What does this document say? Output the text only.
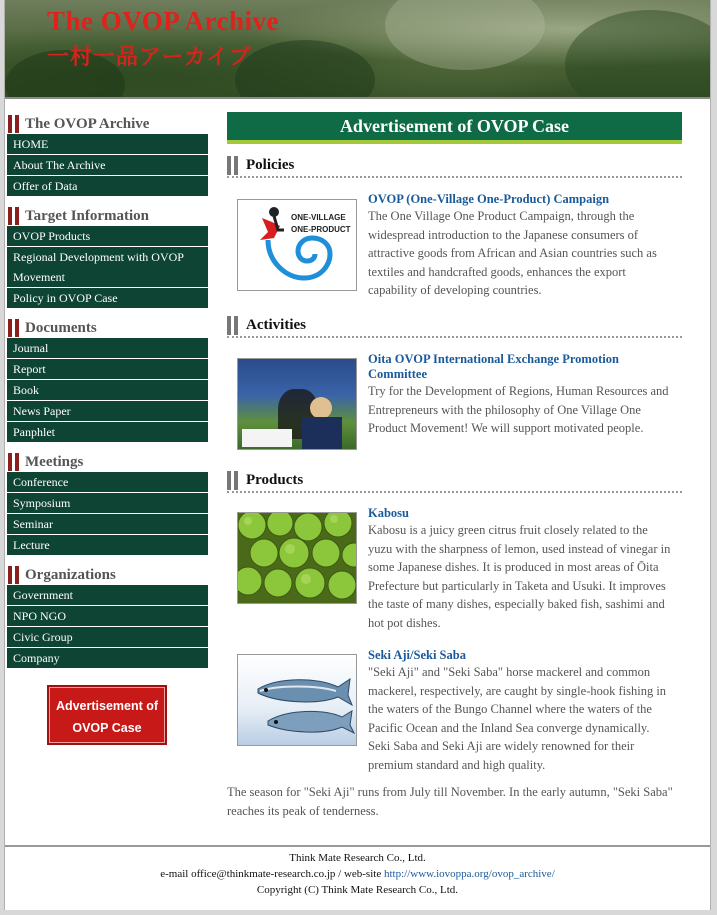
The OVOP Archive
一村一品アーカイブ
The OVOP Archive
HOME
About The Archive
Offer of Data
Target Information
OVOP Products
Regional Development with OVOP Movement
Policy in OVOP Case
Documents
Journal
Report
Book
News Paper
Panphlet
Meetings
Conference
Symposium
Seminar
Lecture
Organizations
Government
NPO NGO
Civic Group
Company
Advertisement of
OVOP Case
Advertisement of OVOP Case
Policies
ONE-VILLAGE
ONE-PRODUCT
OVOP (One-Village One-Product) Campaign
The One Village One Product Campaign, through the widespread introduction to the Japanese consumers of attractive goods from African and Asian countries such as textiles and handcrafted goods, enhances the export capability of developing countries.
Activities
Oita OVOP International Exchange Promotion Committee
Try for the Development of Regions, Human Resources and Entrepreneurs with the philosophy of One Village One Product Movement! We will support motivated people.
Products
Kabosu
Kabosu is a juicy green citrus fruit closely related to the yuzu with the sharpness of lemon, used instead of vinegar in some Japanese dishes. It is produced in most areas of Ōita Prefecture but particularly in Taketa and Usuki. It improves the taste of many dishes, especially baked fish, sashimi and hot pot dishes.
Seki Aji/Seki Saba
"Seki Aji" and "Seki Saba" horse mackerel and common mackerel, respectively, are caught by single-hook fishing in the waters of the Bungo Channel where the waters of the Pacific Ocean and the Inland Sea converge dynamically. Seki Saba and Seki Aji are widely renowned for their premium standard and high quality.
The season for "Seki Aji" runs from July till November. In the early autumn, "Seki Saba" reaches its peak of tenderness.
Think Mate Research Co., Ltd.
e-mail office@thinkmate-research.co.jp / web-site http://www.iovoppa.org/ovop_archive/
Copyright (C) Think Mate Research Co., Ltd.
